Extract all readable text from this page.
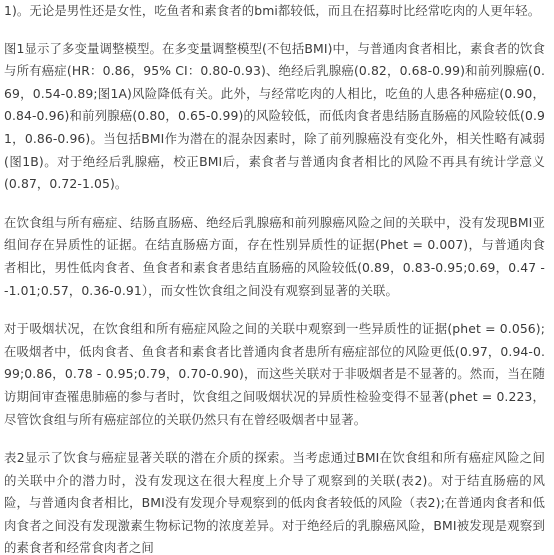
1)。无论是男性还是女性，吃鱼者和素食者的bmi都较低，而且在招募时比经常吃肉的人更年轻。

图1显示了多变量调整模型。在多变量调整模型(不包括BMI)中，与普通肉食者相比，素食者的饮食与所有癌症(HR：0.86，95% CI：0.80-0.93)、绝经后乳腺癌(0.82，0.68-0.99)和前列腺癌(0.69，0.54-0.89;图1A)风险降低有关。此外，与经常吃肉的人相比，吃鱼的人患各种癌症(0.90，0.84-0.96)和前列腺癌(0.80，0.65-0.99)的风险较低，而低肉食者患结肠直肠癌的风险较低(0.91，0.86-0.96)。当包括BMI作为潜在的混杂因素时，除了前列腺癌没有变化外，相关性略有减弱(图1B)。对于绝经后乳腺癌，校正BMI后，素食者与普通肉食者相比的风险不再具有统计学意义(0.87，0.72-1.05)。

在饮食组与所有癌症、结肠直肠癌、绝经后乳腺癌和前列腺癌风险之间的关联中，没有发现BMI亚组间存在异质性的证据。在结直肠癌方面，存在性别异质性的证据(Phet = 0.007)，与普通肉食者相比，男性低肉食者、鱼食者和素食者患结直肠癌的风险较低(0.89，0.83-0.95;0.69，0.47 - -1.01;0.57，0.36-0.91），而女性饮食组之间没有观察到显著的关联。

对于吸烟状况，在饮食组和所有癌症风险之间的关联中观察到一些异质性的证据(phet = 0.056);在吸烟者中，低肉食者、鱼食者和素食者比普通肉食者患所有癌症部位的风险更低(0.97，0.94-0.99;0.86，0.78 - 0.95;0.79，0.70-0.90)，而这些关联对于非吸烟者是不显著的。然而，当在随访期间审查罹患肺癌的参与者时，饮食组之间吸烟状况的异质性检验变得不显著(phet = 0.223，尽管饮食组与所有癌症部位的关联仍然只有在曾经吸烟者中显著。

表2显示了饮食与癌症显著关联的潜在介质的探索。当考虑通过BMI在饮食组和所有癌症风险之间的关联中介的潜力时，没有发现这在很大程度上介导了观察到的关联(表2)。对于结直肠癌的风险，与普通肉食者相比，BMI没有发现介导观察到的低肉食者较低的风险（表2);在普通肉食者和低肉食者之间没有发现激素生物标记物的浓度差异。对于绝经后的乳腺癌风险，BMI被发现是观察到的素食者和经常食肉者之间
